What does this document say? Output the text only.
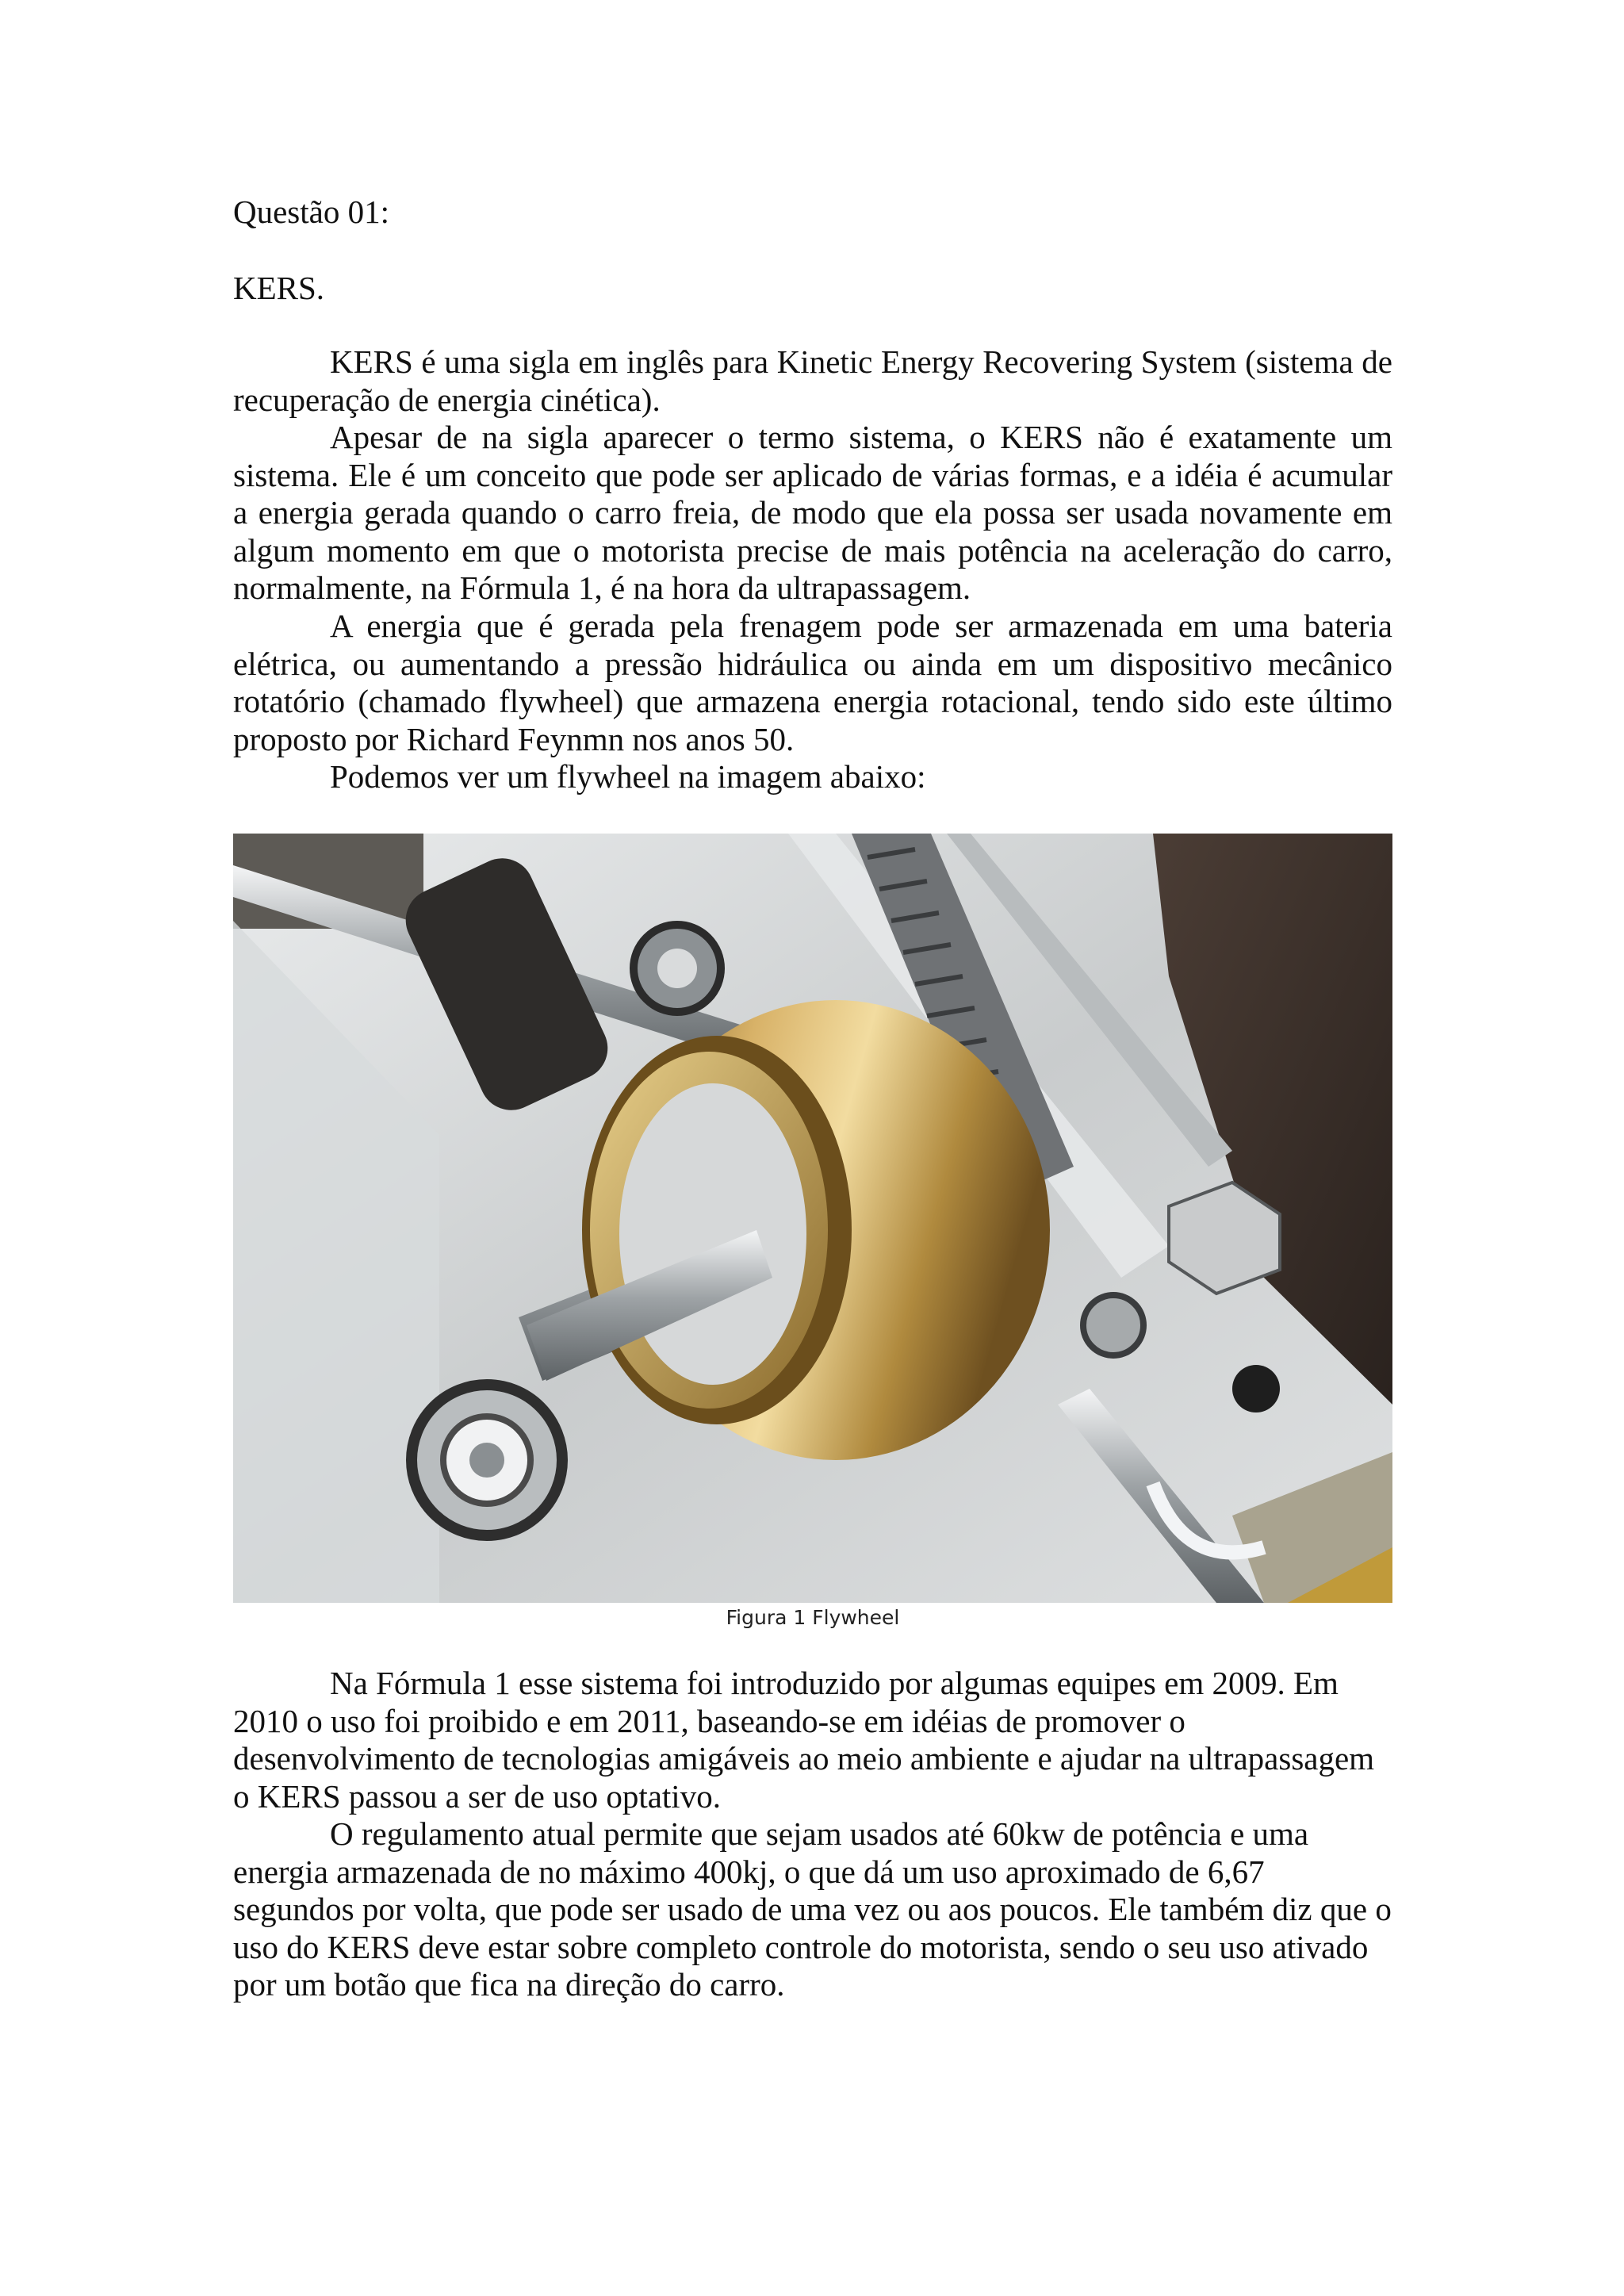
Questão 01:
KERS.

KERS é uma sigla em inglês para Kinetic Energy Recovering System (sistema de recuperação de energia cinética).

Apesar de na sigla aparecer o termo sistema, o KERS não é exatamente um sistema. Ele é um conceito que pode ser aplicado de várias formas, e a idéia é acumular a energia gerada quando o carro freia, de modo que ela possa ser usada novamente em algum momento em que o motorista precise de mais potência na aceleração do carro, normalmente, na Fórmula 1, é na hora da ultrapassagem.

A energia que é gerada pela frenagem pode ser armazenada em uma bateria elétrica, ou aumentando a pressão hidráulica ou ainda em um dispositivo mecânico rotatório (chamado flywheel) que armazena energia rotacional, tendo sido este último proposto por Richard Feynmn nos anos 50.

Podemos ver um flywheel na imagem abaixo:

Figura 1 Flywheel

Na Fórmula 1 esse sistema foi introduzido por algumas equipes em 2009. Em 2010 o uso foi proibido e em 2011, baseando-se em idéias de promover o desenvolvimento de tecnologias amigáveis ao meio ambiente e ajudar na ultrapassagem o KERS passou a ser de uso optativo.

O regulamento atual permite que sejam usados até 60kw de potência e uma energia armazenada de no máximo 400kj, o que dá um uso aproximado de 6,67 segundos por volta, que pode ser usado de uma vez ou aos poucos. Ele também diz que o uso do KERS deve estar sobre completo controle do motorista, sendo o seu uso ativado por um botão que fica na direção do carro.
